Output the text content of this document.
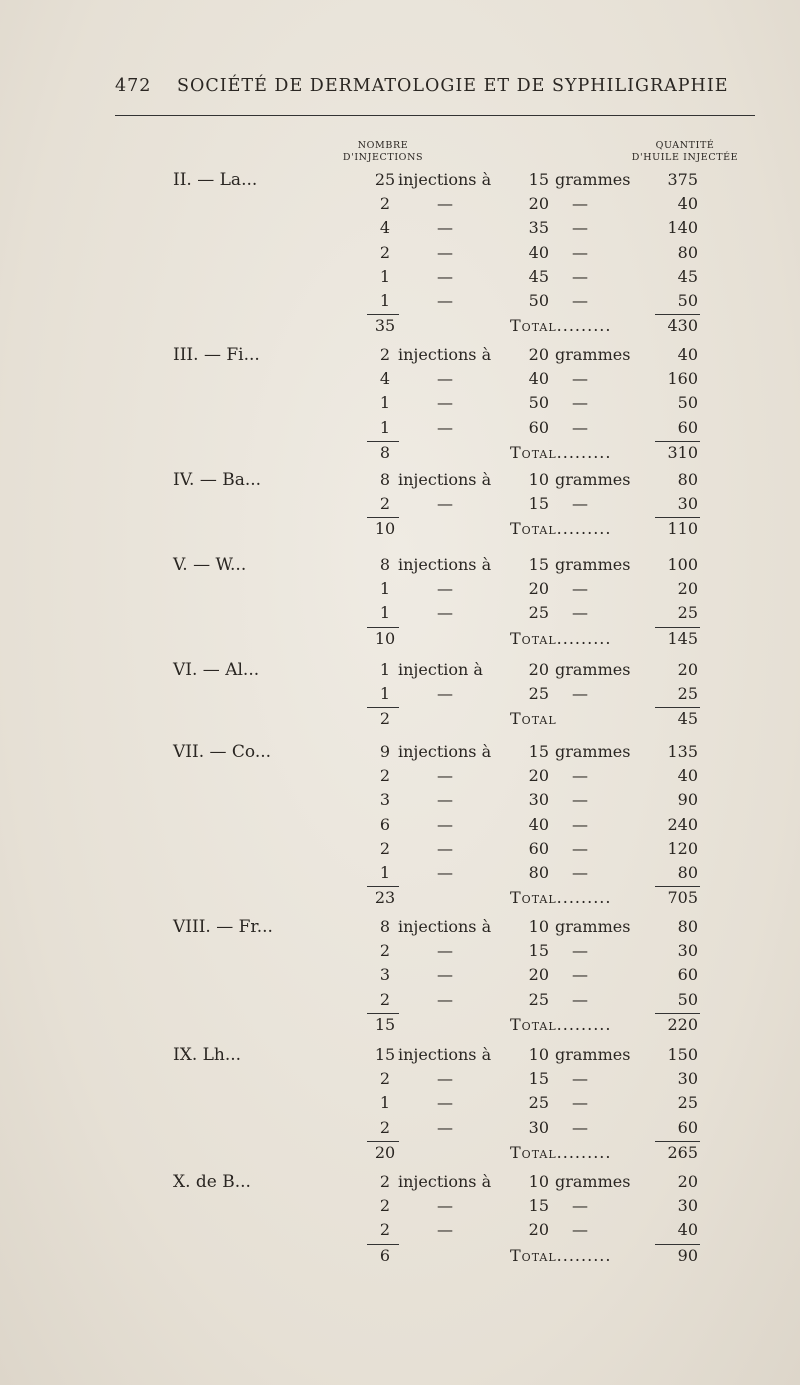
472 SOCIÉTÉ DE DERMATOLOGIE ET DE SYPHILIGRAPHIE
NOMBRE
D'INJECTIONS
QUANTITÉ
D'HUILE INJECTÉE
II. — La...	25 injections à	15 grammes	375
2	—	20	—	40
4	—	35	—	140
2	—	40	—	80
1	—	45	—	45
1	—	50	—	50
35	Total.........	430
III. — Fi...	2 injections à	20 grammes	40
4	—	40	—	160
1	—	50	—	50
1	—	60	—	60
8	Total.........	310
IV. — Ba...	8 injections à	10 grammes	80
2	—	15	—	30
10	Total.........	110
V. — W...	8 injections à	15 grammes	100
1	—	20	—	20
1	—	25	—	25
10	Total.........	145
VI. — Al...	1 injection à	20 grammes	20
1	—	25	—	25
2	Total	45
VII. — Co...	9 injections à	15 grammes	135
2	—	20	—	40
3	—	30	—	90
6	—	40	—	240
2	—	60	—	120
1	—	80	—	80
23	Total.........	705
VIII. — Fr...	8 injections à	10 grammes	80
2	—	15	—	30
3	—	20	—	60
2	—	25	—	50
15	Total.........	220
IX. Lh...	15 injections à	10 grammes	150
2	—	15	—	30
1	—	25	—	25
2	—	30	—	60
20	Total.........	265
X. de B...	2 injections à	10 grammes	20
2	—	15	—	30
2	—	20	—	40
6	Total.........	90
